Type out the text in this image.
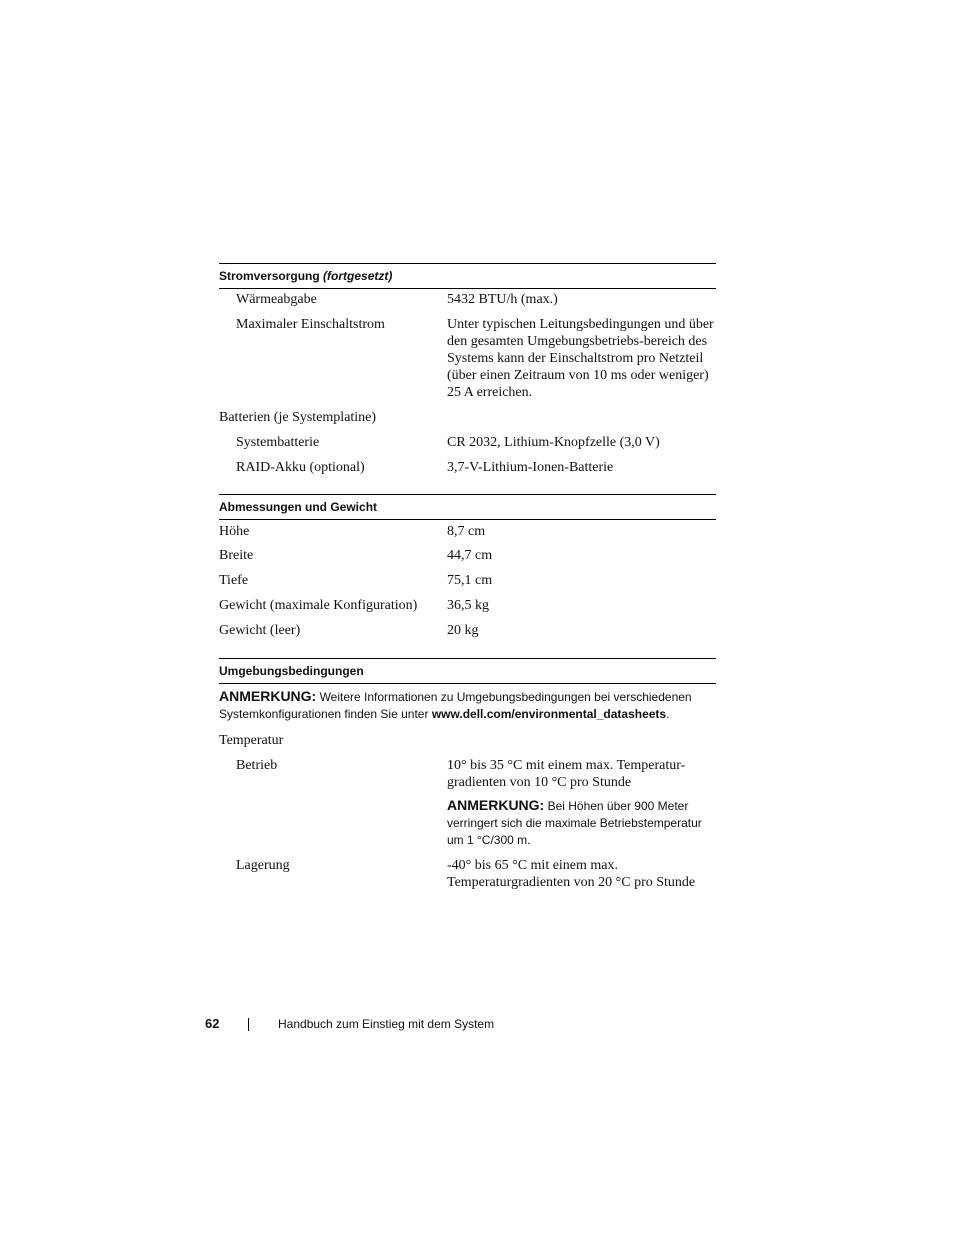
Stromversorgung (fortgesetzt)
Wärmeabgabe	5432 BTU/h (max.)
Maximaler Einschaltstrom	Unter typischen Leitungsbedingungen und über den gesamten Umgebungsbetriebs-bereich des Systems kann der Einschaltstrom pro Netzteil (über einen Zeitraum von 10 ms oder weniger) 25 A erreichen.
Batterien (je Systemplatine)
Systembatterie	CR 2032, Lithium-Knopfzelle (3,0 V)
RAID-Akku (optional)	3,7-V-Lithium-Ionen-Batterie
Abmessungen und Gewicht
Höhe	8,7 cm
Breite	44,7 cm
Tiefe	75,1 cm
Gewicht (maximale Konfiguration)	36,5 kg
Gewicht (leer)	20 kg
Umgebungsbedingungen
ANMERKUNG: Weitere Informationen zu Umgebungsbedingungen bei verschiedenen Systemkonfigurationen finden Sie unter www.dell.com/environmental_datasheets.
Temperatur
Betrieb	10° bis 35 °C mit einem max. Temperatur-gradienten von 10 °C pro Stunde
ANMERKUNG: Bei Höhen über 900 Meter verringert sich die maximale Betriebstemperatur um 1 °C/300 m.
Lagerung	-40° bis 65 °C mit einem max. Temperaturgradienten von 20 °C pro Stunde
62	Handbuch zum Einstieg mit dem System
